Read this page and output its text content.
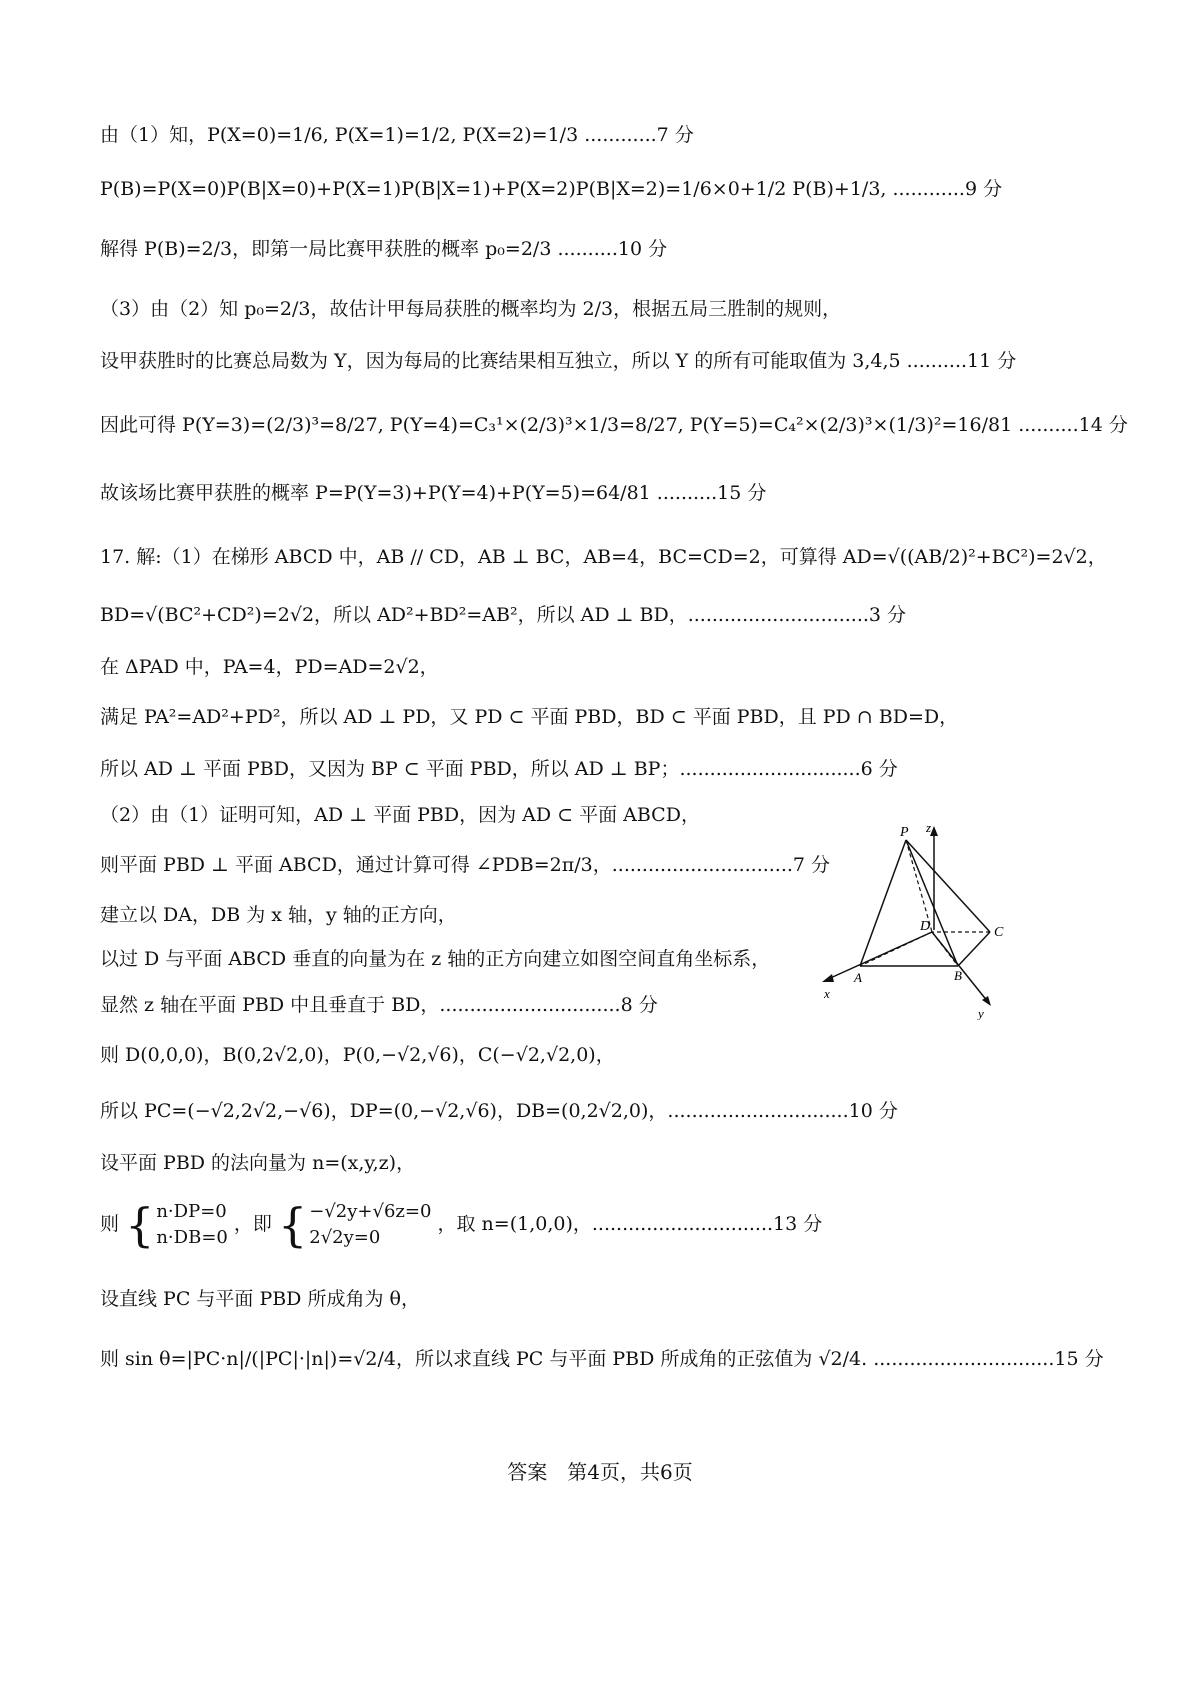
由（1）知，P(X=0)=1/6, P(X=1)=1/2, P(X=2)=1/3 ............7 分
P(B)=P(X=0)P(B|X=0)+P(X=1)P(B|X=1)+P(X=2)P(B|X=2)=1/6×0+1/2 P(B)+1/3, ............9 分
解得 P(B)=2/3，即第一局比赛甲获胜的概率 p₀=2/3 ..........10 分
（3）由（2）知 p₀=2/3，故估计甲每局获胜的概率均为 2/3，根据五局三胜制的规则，
设甲获胜时的比赛总局数为 Y，因为每局的比赛结果相互独立，所以 Y 的所有可能取值为 3,4,5 ..........11 分
因此可得 P(Y=3)=(2/3)³=8/27, P(Y=4)=C₃¹×(2/3)³×1/3=8/27, P(Y=5)=C₄²×(2/3)³×(1/3)²=16/81 ..........14 分
故该场比赛甲获胜的概率 P=P(Y=3)+P(Y=4)+P(Y=5)=64/81 ..........15 分
17. 解:（1）在梯形 ABCD 中，AB // CD，AB ⊥ BC，AB=4，BC=CD=2，可算得 AD=√((AB/2)²+BC²)=2√2，
BD=√(BC²+CD²)=2√2，所以 AD²+BD²=AB²，所以 AD ⊥ BD，..............................3 分
在 ΔPAD 中，PA=4，PD=AD=2√2，
满足 PA²=AD²+PD²，所以 AD ⊥ PD，又 PD ⊂ 平面 PBD，BD ⊂ 平面 PBD，且 PD ∩ BD=D，
所以 AD ⊥ 平面 PBD，又因为 BP ⊂ 平面 PBD，所以 AD ⊥ BP；..............................6 分
（2）由（1）证明可知，AD ⊥ 平面 PBD，因为 AD ⊂ 平面 ABCD，
则平面 PBD ⊥ 平面 ABCD，通过计算可得 ∠PDB=2π/3，..............................7 分
建立以 DA，DB 为 x 轴，y 轴的正方向，
以过 D 与平面 ABCD 垂直的向量为在 z 轴的正方向建立如图空间直角坐标系，
显然 z 轴在平面 PBD 中且垂直于 BD，..............................8 分
则 D(0,0,0)，B(0,2√2,0)，P(0,−√2,√6)，C(−√2,√2,0)，
所以 PC=(−√2,2√2,−√6)，DP=(0,−√2,√6)，DB=(0,2√2,0)，..............................10 分
设平面 PBD 的法向量为 n=(x,y,z)，
则 { n·DP=0
n·DB=0
，即 { −√2y+√6z=0
2√2y=0
，取 n=(1,0,0)，..............................13 分
设直线 PC 与平面 PBD 所成角为 θ，
则 sin θ=|PC·n|/(|PC|·|n|)=√2/4，所以求直线 PC 与平面 PBD 所成角的正弦值为 √2/4. ..............................15 分
P z
D	C
A	B
x
y
答案　第4页，共6页
